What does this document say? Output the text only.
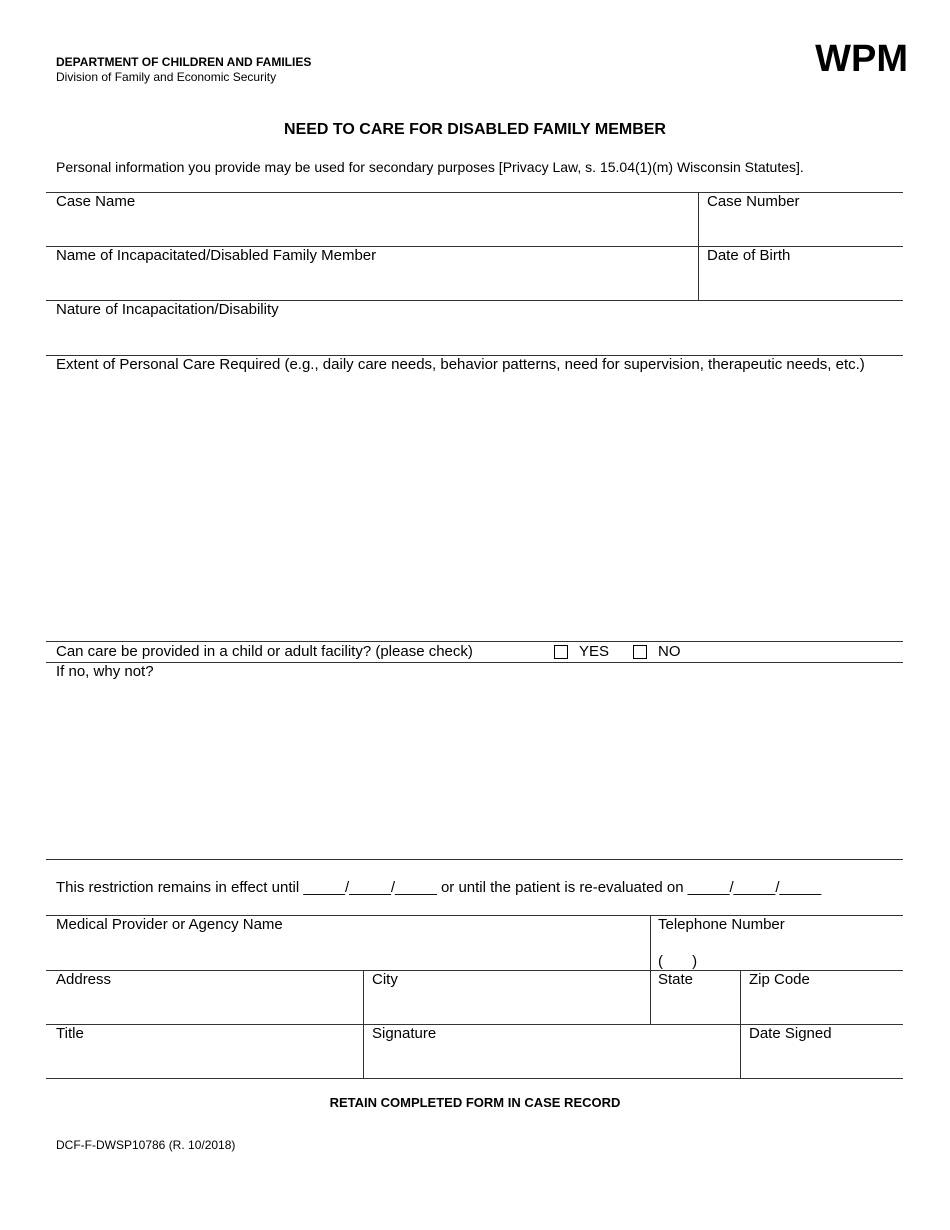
DEPARTMENT OF CHILDREN AND FAMILIES
Division of Family and Economic Security	WPM
NEED TO CARE FOR DISABLED FAMILY MEMBER
Personal information you provide may be used for secondary purposes [Privacy Law, s. 15.04(1)(m) Wisconsin Statutes].
Case Name	Case Number
Name of Incapacitated/Disabled Family Member	Date of Birth
Nature of Incapacitation/Disability
Extent of Personal Care Required (e.g., daily care needs, behavior patterns, need for supervision, therapeutic needs, etc.)
Can care be provided in a child or adult facility? (please check)	YES	NO
If no, why not?
This restriction remains in effect until _____/_____/_____ or until the patient is re-evaluated on _____/_____/_____
Medical Provider or Agency Name	Telephone Number
(       )
Address	City	State	Zip Code
Title	Signature	Date Signed
RETAIN COMPLETED FORM IN CASE RECORD
DCF-F-DWSP10786 (R. 10/2018)
